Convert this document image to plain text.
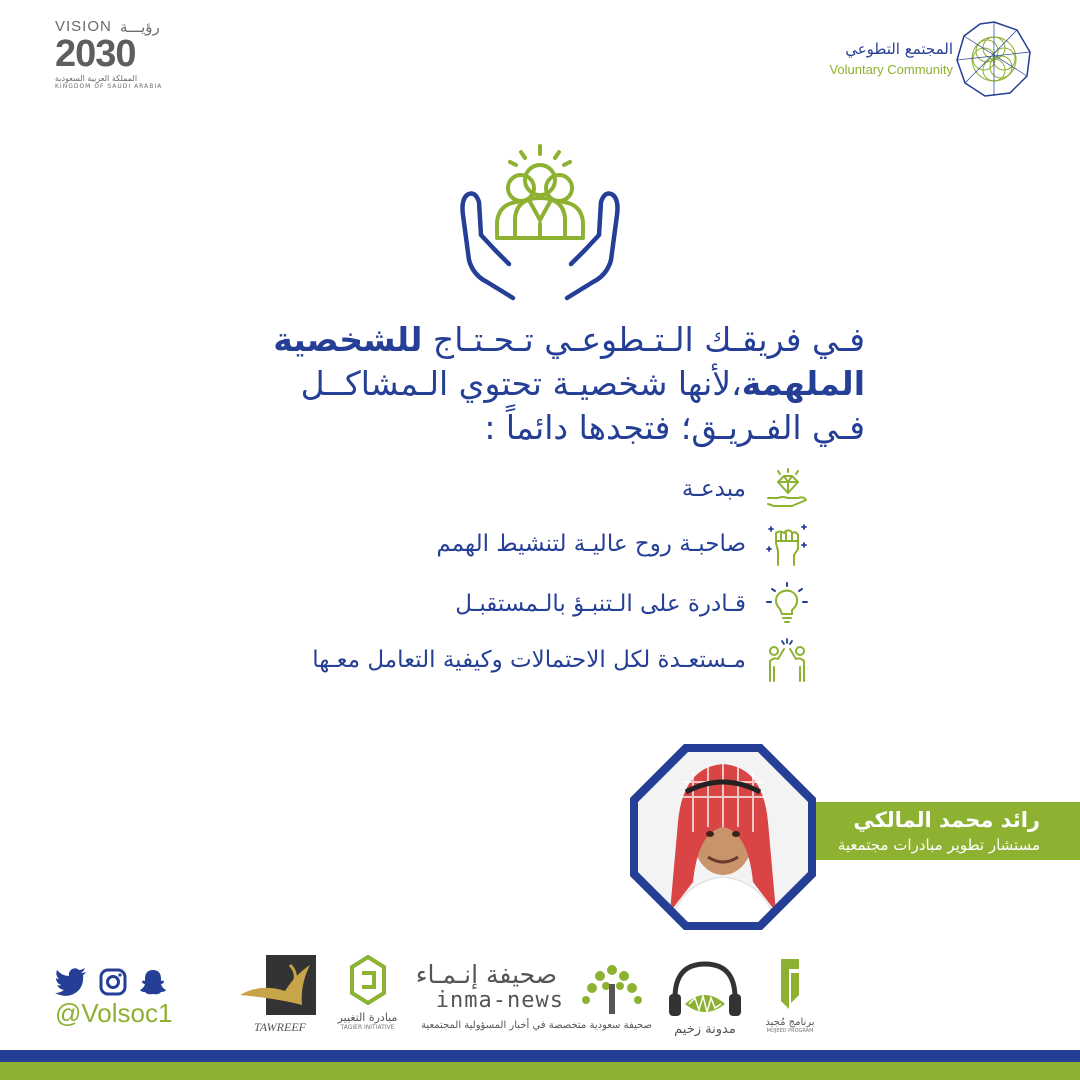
VISION رؤيـــة
2030
المملكة العربية السعودية
KINGDOM OF SAUDI ARABIA
المجتمع التطوعي
Voluntary Community
فـي فريقـك الـتـطوعـي تـحـتـاج للشخصية
الملهمة،لأنها شخصيـة تحتوي الـمشاكــل
فـي الفـريـق؛ فتجدها دائماً :
مبدعـة
صاحبـة روح عاليـة لتنشيط الهمم
قـادرة على الـتنبـؤ بالـمستقبـل
مـستعـدة لكل الاحتمالات وكيفية التعامل معـها
رائد محمد المالكي
مستشار تطوير مبادرات مجتمعية
@Volsoc1	TAWREEF
مبادرة التغيير
TAGIER INITIATIVE
صحيفة إنـمـاء
inma-news
صحيفة سعودية متخصصة في أخبار المسؤولية المجتمعية	مدونة زخيم	برنامج مُجيد
MOJEED PROGRAM
